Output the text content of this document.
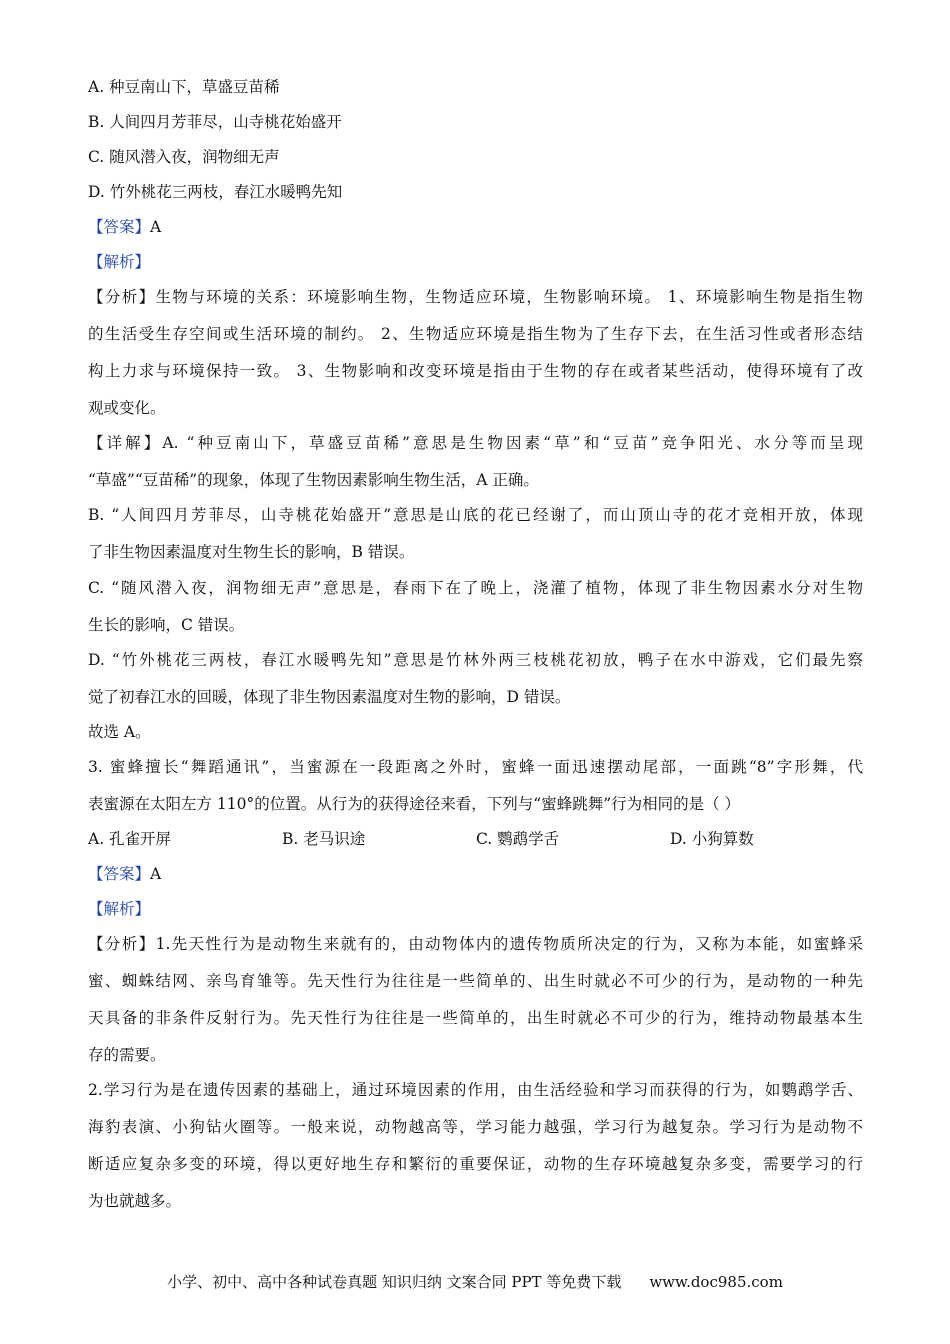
A. 种豆南山下，草盛豆苗稀
B. 人间四月芳菲尽，山寺桃花始盛开
C. 随风潜入夜，润物细无声
D. 竹外桃花三两枝，春江水暖鸭先知
【答案】A
【解析】
【分析】生物与环境的关系：环境影响生物，生物适应环境，生物影响环境。 1、环境影响生物是指生物
的生活受生存空间或生活环境的制约。 2、生物适应环境是指生物为了生存下去，在生活习性或者形态结
构上力求与环境保持一致。 3、生物影响和改变环境是指由于生物的存在或者某些活动，使得环境有了改
观或变化。
【详解】A. “种豆南山下，草盛豆苗稀”意思是生物因素“草”和“豆苗”竞争阳光、水分等而呈现
“草盛”“豆苗稀”的现象，体现了生物因素影响生物生活，A 正确。
B. “人间四月芳菲尽，山寺桃花始盛开”意思是山底的花已经谢了，而山顶山寺的花才竞相开放，体现
了非生物因素温度对生物生长的影响，B 错误。
C. “随风潜入夜，润物细无声”意思是，春雨下在了晚上，浇灌了植物，体现了非生物因素水分对生物
生长的影响，C 错误。
D. “竹外桃花三两枝，春江水暖鸭先知”意思是竹林外两三枝桃花初放，鸭子在水中游戏，它们最先察
觉了初春江水的回暖，体现了非生物因素温度对生物的影响，D 错误。
故选 A。
3. 蜜蜂擅长“舞蹈通讯”，当蜜源在一段距离之外时，蜜蜂一面迅速摆动尾部，一面跳“8”字形舞，代
表蜜源在太阳左方 110°的位置。从行为的获得途径来看，下列与“蜜蜂跳舞”行为相同的是（ ）
A. 孔雀开屏	B. 老马识途	C. 鹦鹉学舌	D. 小狗算数
【答案】A
【解析】
【分析】1.先天性行为是动物生来就有的，由动物体内的遗传物质所决定的行为，又称为本能，如蜜蜂采
蜜、蜘蛛结网、亲鸟育雏等。先天性行为往往是一些简单的、出生时就必不可少的行为，是动物的一种先
天具备的非条件反射行为。先天性行为往往是一些简单的，出生时就必不可少的行为，维持动物最基本生
存的需要。
2.学习行为是在遗传因素的基础上，通过环境因素的作用，由生活经验和学习而获得的行为，如鹦鹉学舌、
海豹表演、小狗钻火圈等。一般来说，动物越高等，学习能力越强，学习行为越复杂。学习行为是动物不
断适应复杂多变的环境，得以更好地生存和繁衍的重要保证，动物的生存环境越复杂多变，需要学习的行
为也就越多。
小学、初中、高中各种试卷真题 知识归纳 文案合同 PPT 等免费下载 www.doc985.com
